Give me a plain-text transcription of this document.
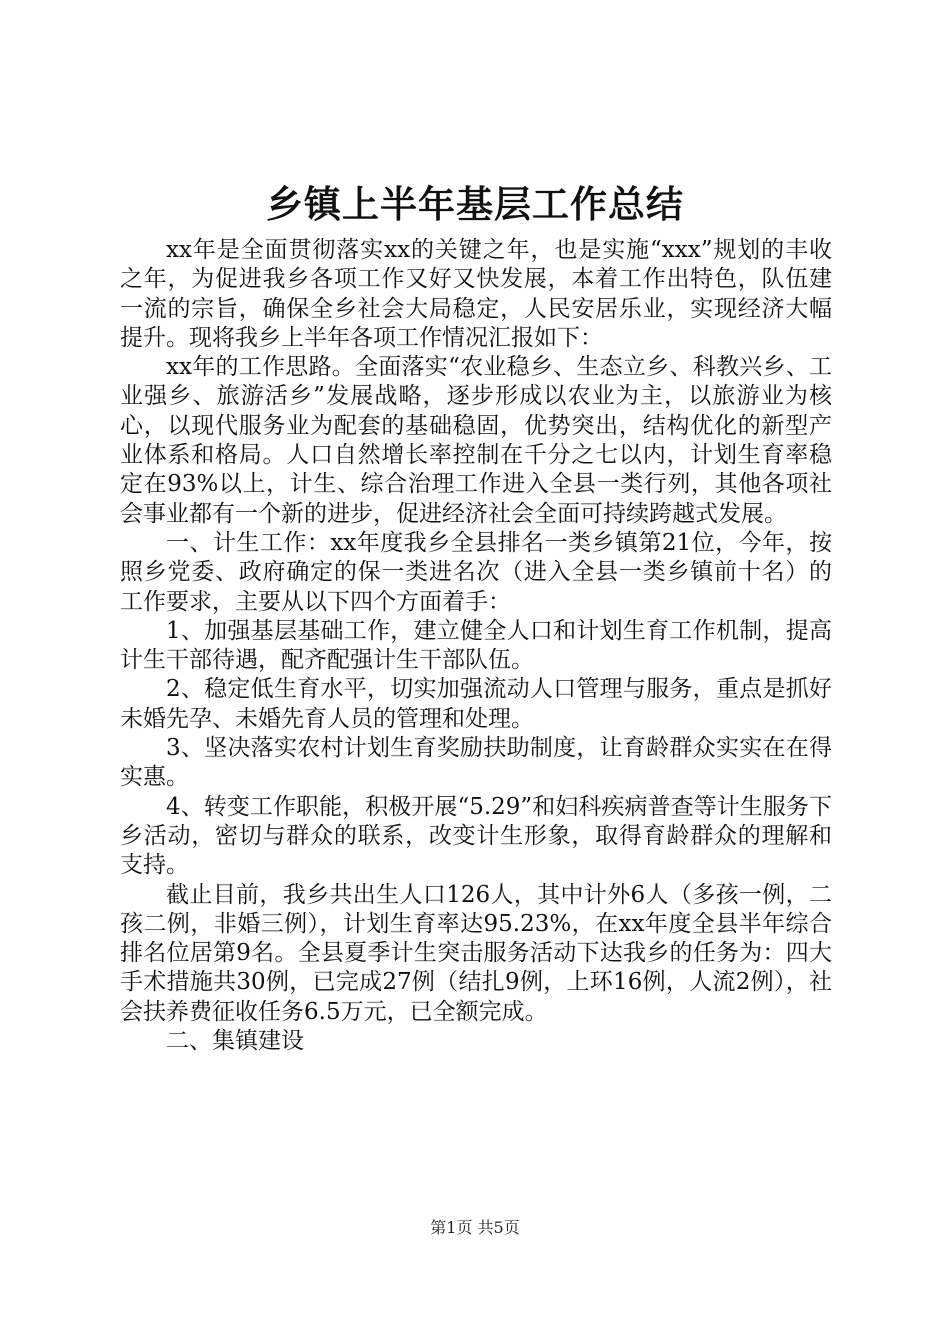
乡镇上半年基层工作总结

xx年是全面贯彻落实xx的关键之年，也是实施“xxx”规划的丰收之年，为促进我乡各项工作又好又快发展，本着工作出特色，队伍建一流的宗旨，确保全乡社会大局稳定，人民安居乐业，实现经济大幅提升。现将我乡上半年各项工作情况汇报如下：

xx年的工作思路。全面落实“农业稳乡、生态立乡、科教兴乡、工业强乡、旅游活乡”发展战略，逐步形成以农业为主，以旅游业为核心，以现代服务业为配套的基础稳固，优势突出，结构优化的新型产业体系和格局。人口自然增长率控制在千分之七以内，计划生育率稳定在93%以上，计生、综合治理工作进入全县一类行列，其他各项社会事业都有一个新的进步，促进经济社会全面可持续跨越式发展。

一、计生工作：xx年度我乡全县排名一类乡镇第21位，今年，按照乡党委、政府确定的保一类进名次（进入全县一类乡镇前十名）的工作要求，主要从以下四个方面着手：

1、加强基层基础工作，建立健全人口和计划生育工作机制，提高计生干部待遇，配齐配强计生干部队伍。

2、稳定低生育水平，切实加强流动人口管理与服务，重点是抓好未婚先孕、未婚先育人员的管理和处理。

3、坚决落实农村计划生育奖励扶助制度，让育龄群众实实在在得实惠。

4、转变工作职能，积极开展“5.29”和妇科疾病普查等计生服务下乡活动，密切与群众的联系，改变计生形象，取得育龄群众的理解和支持。

截止目前，我乡共出生人口126人，其中计外6人（多孩一例，二孩二例，非婚三例），计划生育率达95.23%，在xx年度全县半年综合排名位居第9名。全县夏季计生突击服务活动下达我乡的任务为：四大手术措施共30例，已完成27例（结扎9例，上环16例，人流2例），社会扶养费征收任务6.5万元，已全额完成。

二、集镇建设

第1页 共5页
